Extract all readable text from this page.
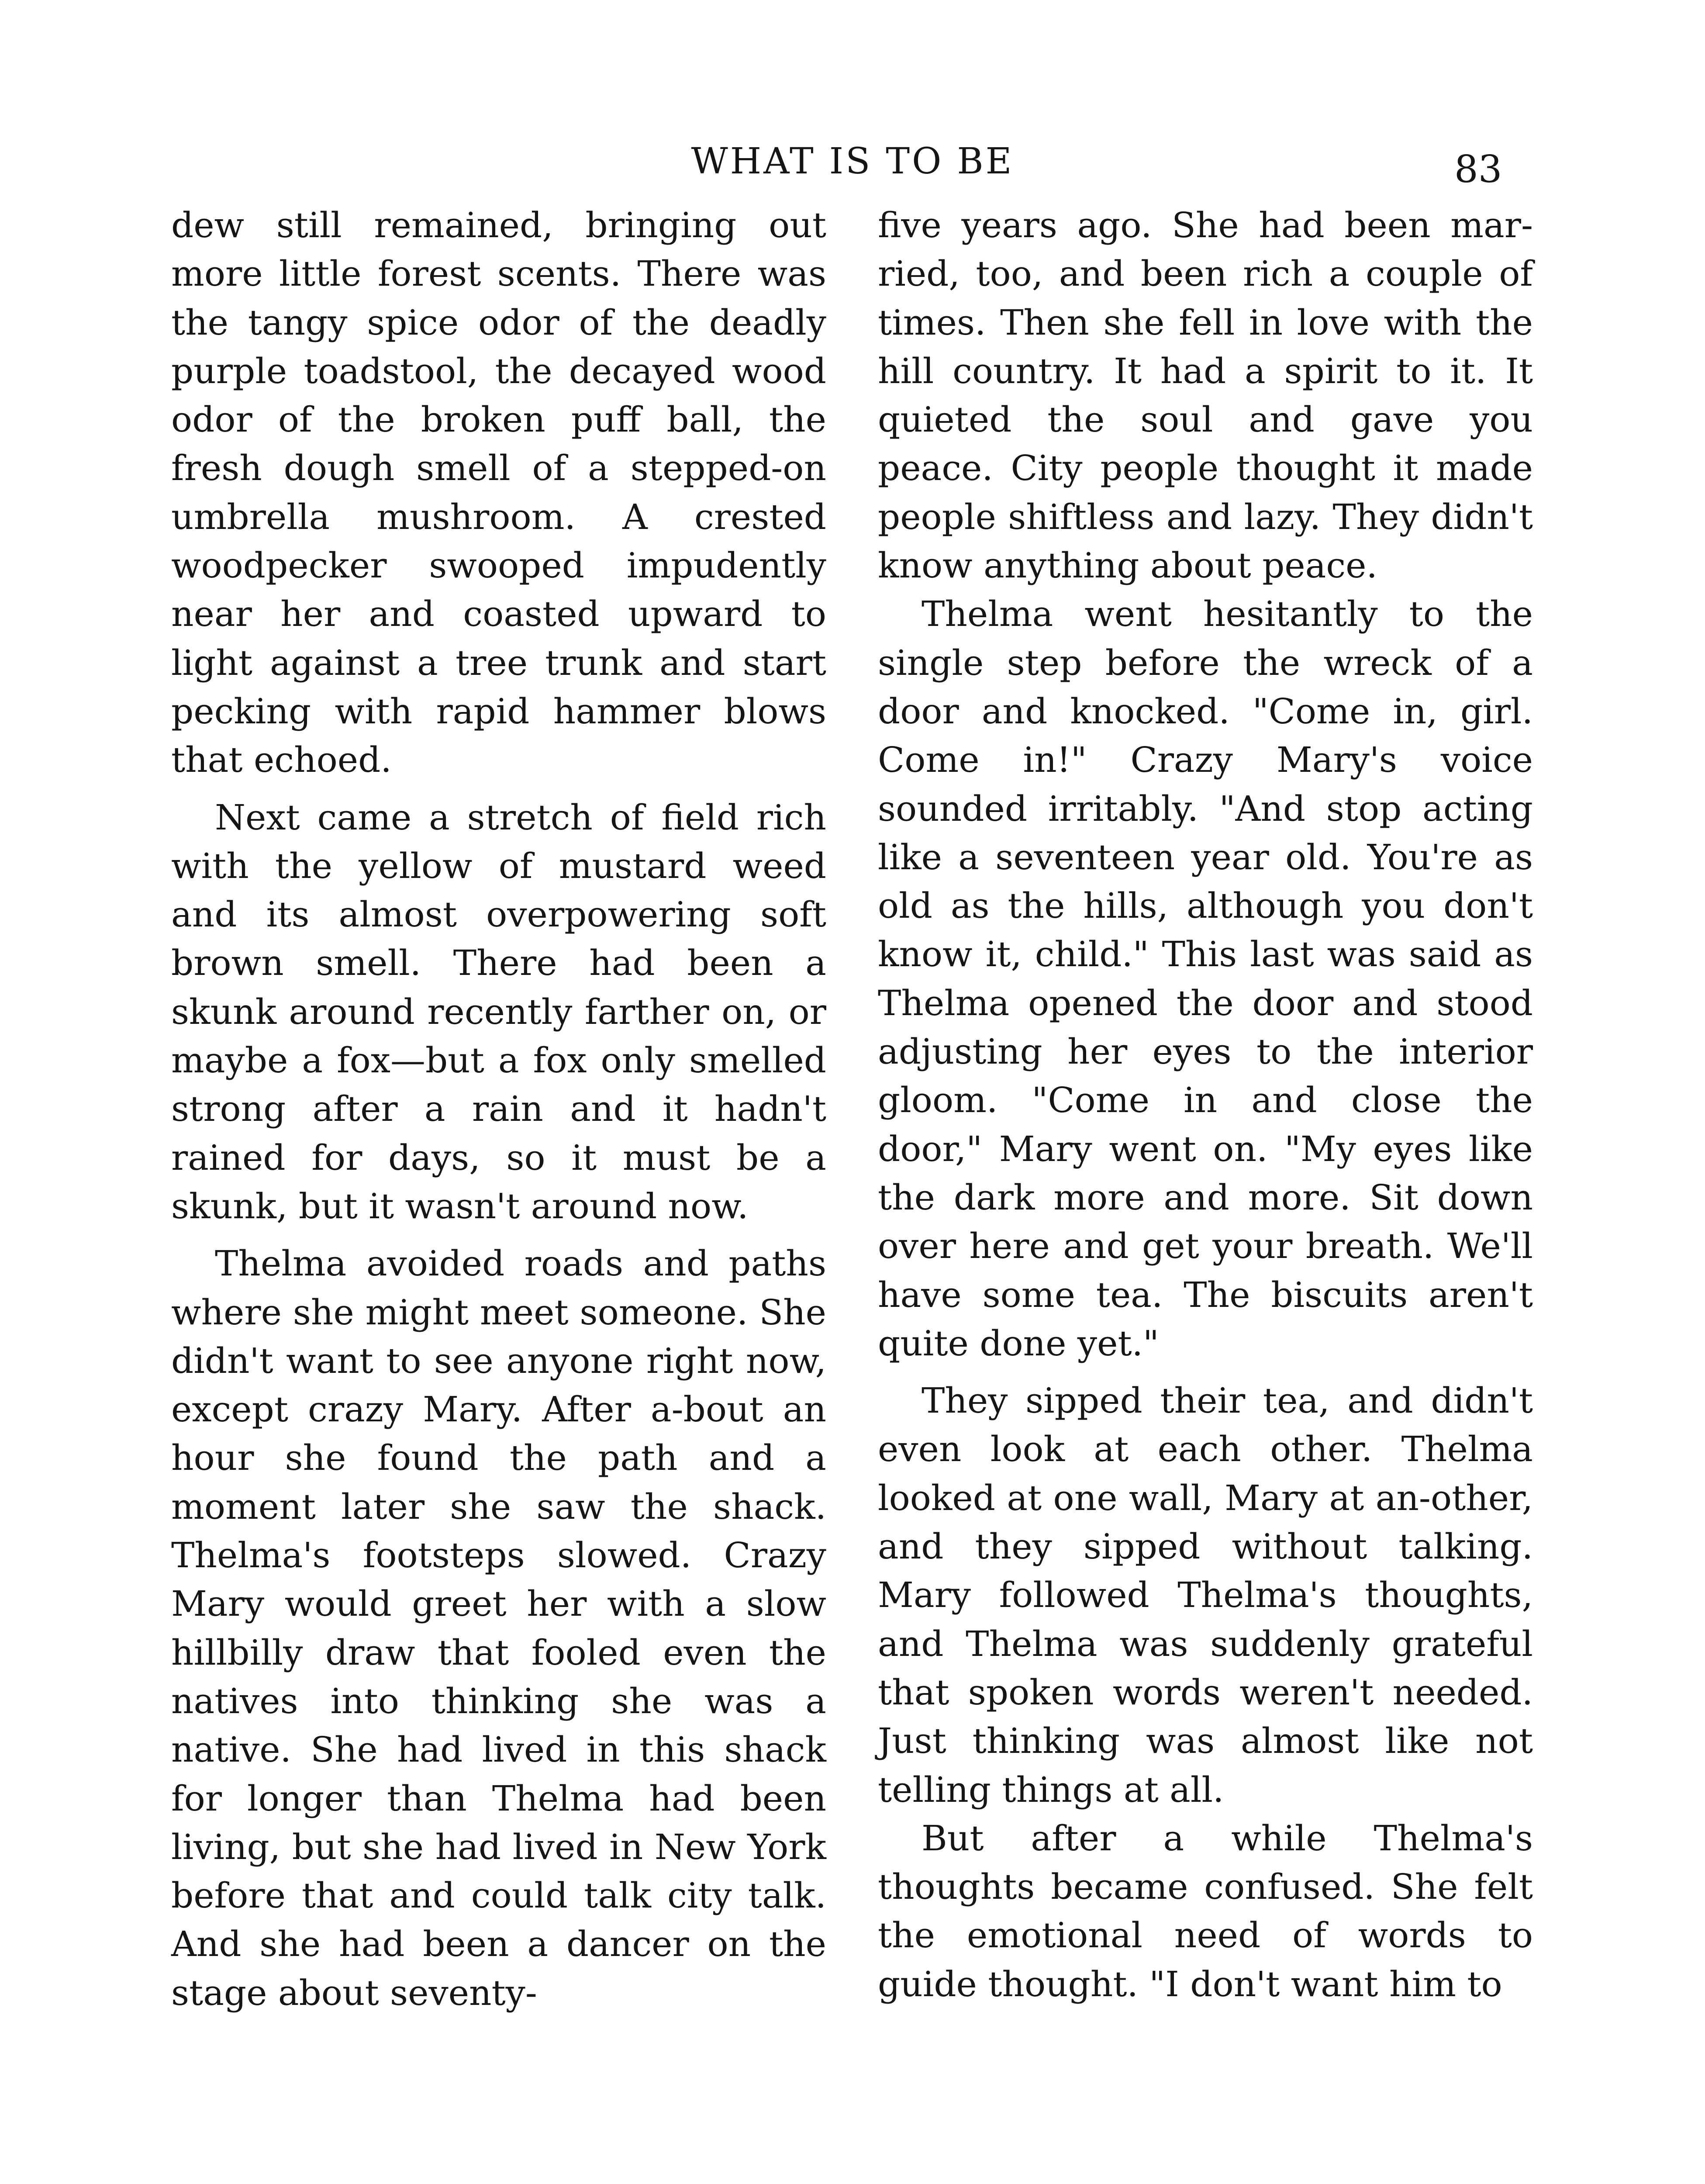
WHAT IS TO BE	83

dew still remained, bringing out more little forest scents. There was the tangy spice odor of the deadly purple toadstool, the decayed wood odor of the broken puff ball, the fresh dough smell of a stepped-on umbrella mushroom. A crested woodpecker swooped impudently near her and coasted upward to light against a tree trunk and start pecking with rapid hammer blows that echoed.

Next came a stretch of field rich with the yellow of mustard weed and its almost overpowering soft brown smell. There had been a skunk around recently farther on, or maybe a fox—but a fox only smelled strong after a rain and it hadn't rained for days, so it must be a skunk, but it wasn't around now.

Thelma avoided roads and paths where she might meet someone. She didn't want to see anyone right now, except crazy Mary. After a-bout an hour she found the path and a moment later she saw the shack. Thelma's footsteps slowed. Crazy Mary would greet her with a slow hillbilly draw that fooled even the natives into thinking she was a native. She had lived in this shack for longer than Thelma had been living, but she had lived in New York before that and could talk city talk. And she had been a dancer on the stage about seventy-

five years ago. She had been mar-ried, too, and been rich a couple of times. Then she fell in love with the hill country. It had a spirit to it. It quieted the soul and gave you peace. City people thought it made people shiftless and lazy. They didn't know anything about peace.

Thelma went hesitantly to the single step before the wreck of a door and knocked. "Come in, girl. Come in!" Crazy Mary's voice sounded irritably. "And stop acting like a seventeen year old. You're as old as the hills, although you don't know it, child." This last was said as Thelma opened the door and stood adjusting her eyes to the interior gloom. "Come in and close the door," Mary went on. "My eyes like the dark more and more. Sit down over here and get your breath. We'll have some tea. The biscuits aren't quite done yet."

They sipped their tea, and didn't even look at each other. Thelma looked at one wall, Mary at an-other, and they sipped without talking. Mary followed Thelma's thoughts, and Thelma was suddenly grateful that spoken words weren't needed. Just thinking was almost like not telling things at all.

But after a while Thelma's thoughts became confused. She felt the emotional need of words to guide thought. "I don't want him to
